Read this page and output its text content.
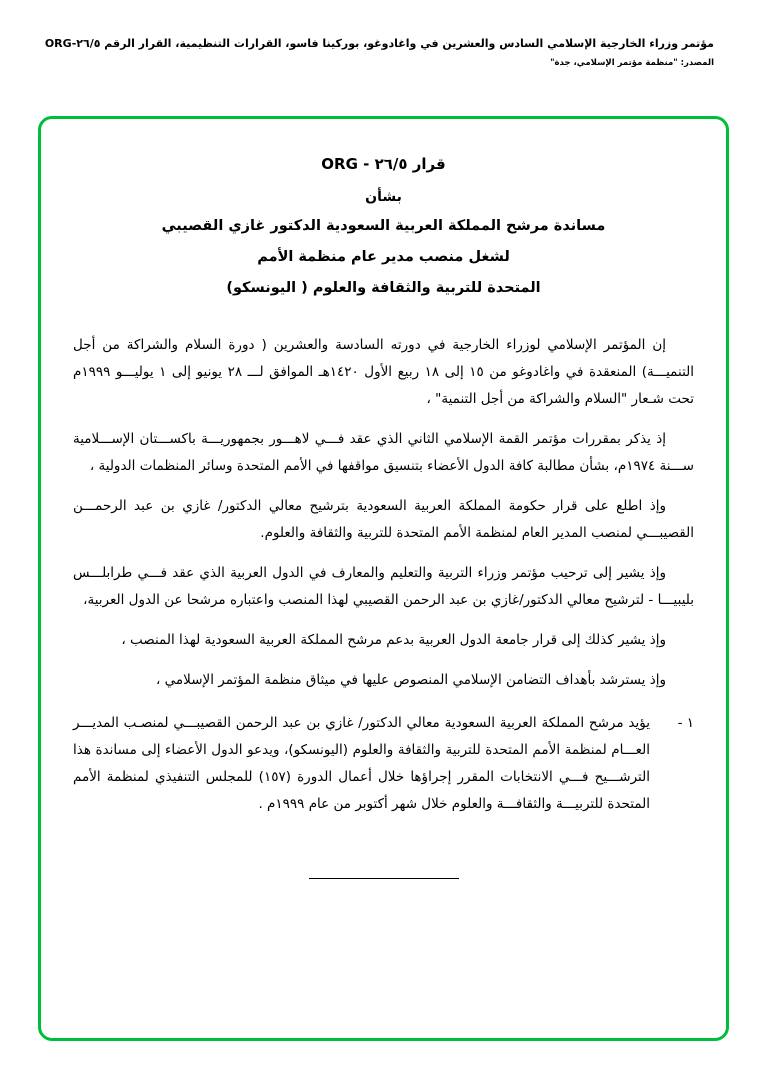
مؤتمر وزراء الخارجية الإسلامي السادس والعشرين في واغادوغو، بوركينا فاسو، القرارات التنظيمية، القرار الرقم ٢٦/٥-ORG
المصدر: "منظمة مؤتمر الإسلامي، جدة"
قرار ٢٦/٥ - ORG
بشأن
مساندة مرشح المملكة العربية السعودية الدكتور غازي القصيبي
لشغل منصب مدير عام منظمة الأمم
المتحدة للتربية والثقافة والعلوم ( اليونسكو)
إن المؤتمر الإسلامي لوزراء الخارجية في دورته السادسة والعشرين ( دورة السلام والشراكة من أجل التنميـــة) المنعقدة في واغادوغو من ١٥ إلى ١٨ ربيع الأول ١٤٢٠هـ الموافق لـــ ٢٨ يونيو إلى ١ يوليـــو ١٩٩٩م تحت شـعار "السلام والشراكة من أجل التنمية" ،
إذ يذكر بمقررات مؤتمر القمة الإسلامي الثاني الذي عقد فـــي لاهـــور بجمهوريـــة باكســـتان الإســـلامية ســـنة ١٩٧٤م، بشأن مطالبة كافة الدول الأعضاء بتنسيق مواقفها في الأمم المتحدة وسائر المنظمات الدولية ،
وإذ اطلع على قرار حكومة المملكة العربية السعودية بترشيح معالي الدكتور/ غازي بن عبد الرحمـــن القصيبـــي لمنصب المدير العام لمنظمة الأمم المتحدة للتربية والثقافة والعلوم.
وإذ يشير إلى ترحيب مؤتمر وزراء التربية والتعليم والمعارف في الدول العربية الذي عقد فـــي طرابلـــس بليبيـــا - لترشيح معالي الدكتور/غازي بن عبد الرحمن القصيبي لهذا المنصب واعتباره مرشحا عن الدول العربية،
وإذ يشير كذلك إلى قرار جامعة الدول العربية بدعم مرشح المملكة العربية السعودية لهذا المنصب ،
وإذ يسترشد بأهداف التضامن الإسلامي المنصوص عليها في ميثاق منظمة المؤتمر الإسلامي ،
١ -
يؤيد مرشح المملكة العربية السعودية معالي الدكتور/ غازي بن عبد الرحمن القصيبـــي لمنصـب المديـــر العـــام لمنظمة الأمم المتحدة للتربية والثقافة والعلوم (اليونسكو)، ويدعو الدول الأعضاء إلى مساندة هذا الترشـــيح فـــي الانتخابات المقرر إجراؤها خلال أعمال الدورة (١٥٧) للمجلس التنفيذي لمنظمة الأمم المتحدة للتربيـــة والثقافـــة والعلوم خلال شهر أكتوبر من عام ١٩٩٩م .
